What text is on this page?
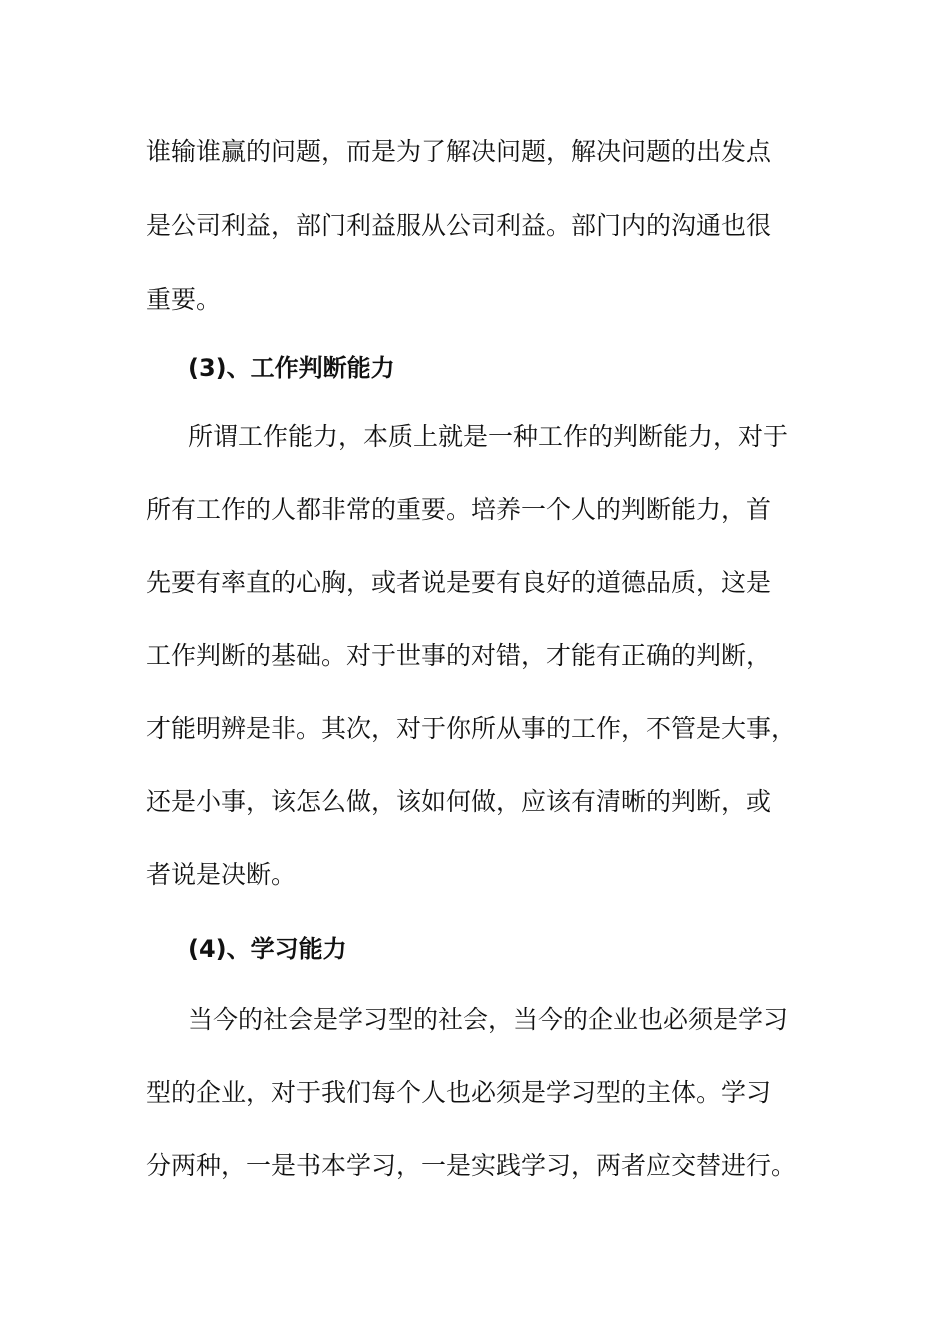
谁输谁赢的问题，而是为了解决问题，解决问题的出发点
是公司利益，部门利益服从公司利益。部门内的沟通也很
重要。
(3)、工作判断能力
所谓工作能力，本质上就是一种工作的判断能力，对于
所有工作的人都非常的重要。培养一个人的判断能力，首
先要有率直的心胸，或者说是要有良好的道德品质，这是
工作判断的基础。对于世事的对错，才能有正确的判断，
才能明辨是非。其次，对于你所从事的工作，不管是大事，
还是小事，该怎么做，该如何做，应该有清晰的判断，或
者说是决断。
(4)、学习能力
当今的社会是学习型的社会，当今的企业也必须是学习
型的企业，对于我们每个人也必须是学习型的主体。学习
分两种，一是书本学习，一是实践学习，两者应交替进行。
